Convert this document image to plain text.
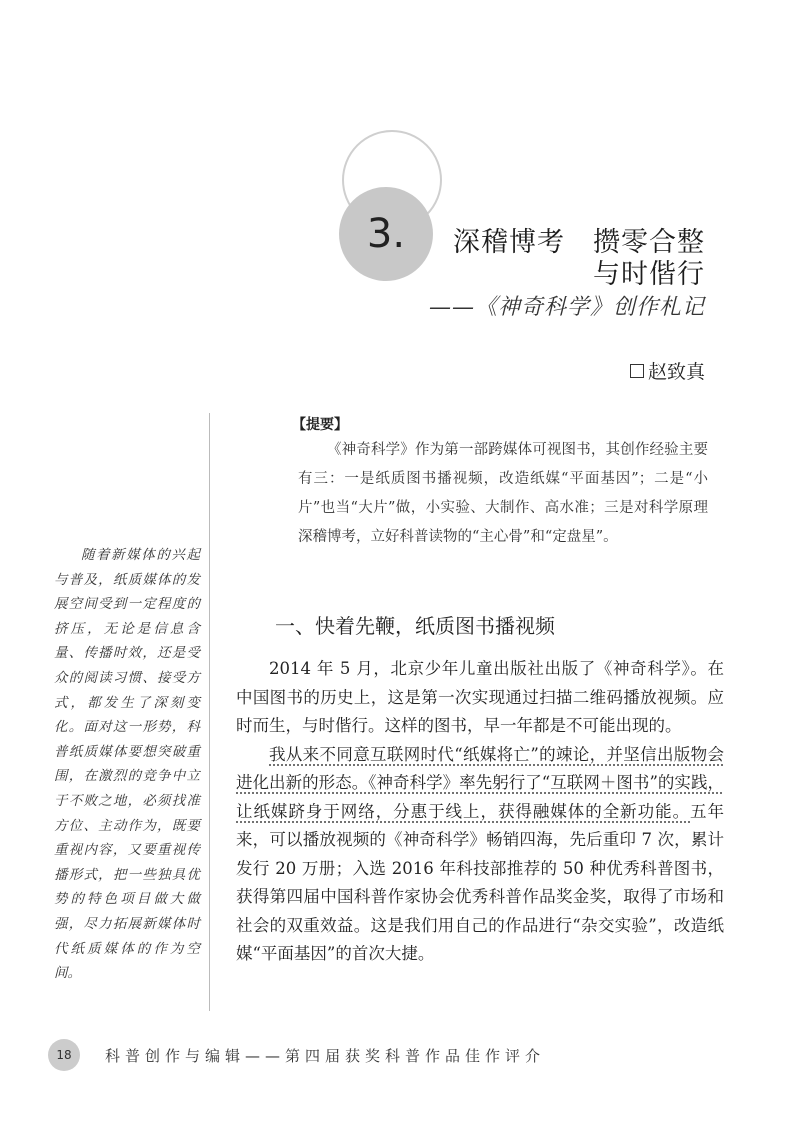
3. 深稽博考　攒零合整
与时偕行
——《神奇科学》创作札记
赵致真
随着新媒体的兴起与普及，纸质媒体的发展空间受到一定程度的挤压，无论是信息含量、传播时效，还是受众的阅读习惯、接受方式，都发生了深刻变化。面对这一形势，科普纸质媒体要想突破重围，在激烈的竞争中立于不败之地，必须找准方位、主动作为，既要重视内容，又要重视传播形式，把一些独具优势的特色项目做大做强，尽力拓展新媒体时代纸质媒体的作为空间。
【提要】
《神奇科学》作为第一部跨媒体可视图书，其创作经验主要有三：一是纸质图书播视频，改造纸媒“平面基因”；二是“小片”也当“大片”做，小实验、大制作、高水准；三是对科学原理深稽博考，立好科普读物的“主心骨”和“定盘星”。
一、快着先鞭，纸质图书播视频

2014 年 5 月，北京少年儿童出版社出版了《神奇科学》。在中国图书的历史上，这是第一次实现通过扫描二维码播放视频。应时而生，与时偕行。这样的图书，早一年都是不可能出现的。

我从来不同意互联网时代“纸媒将亡”的竦论，并坚信出版物会进化出新的形态。《神奇科学》率先躬行了“互联网＋图书”的实践，让纸媒跻身于网络，分惠于线上，获得融媒体的全新功能。五年来，可以播放视频的《神奇科学》畅销四海，先后重印 7 次，累计发行 20 万册；入选 2016 年科技部推荐的 50 种优秀科普图书，获得第四届中国科普作家协会优秀科普作品奖金奖，取得了市场和社会的双重效益。这是我们用自己的作品进行“杂交实验”，改造纸媒“平面基因”的首次大捷。

18 科普创作与编辑——第四届获奖科普作品佳作评介
